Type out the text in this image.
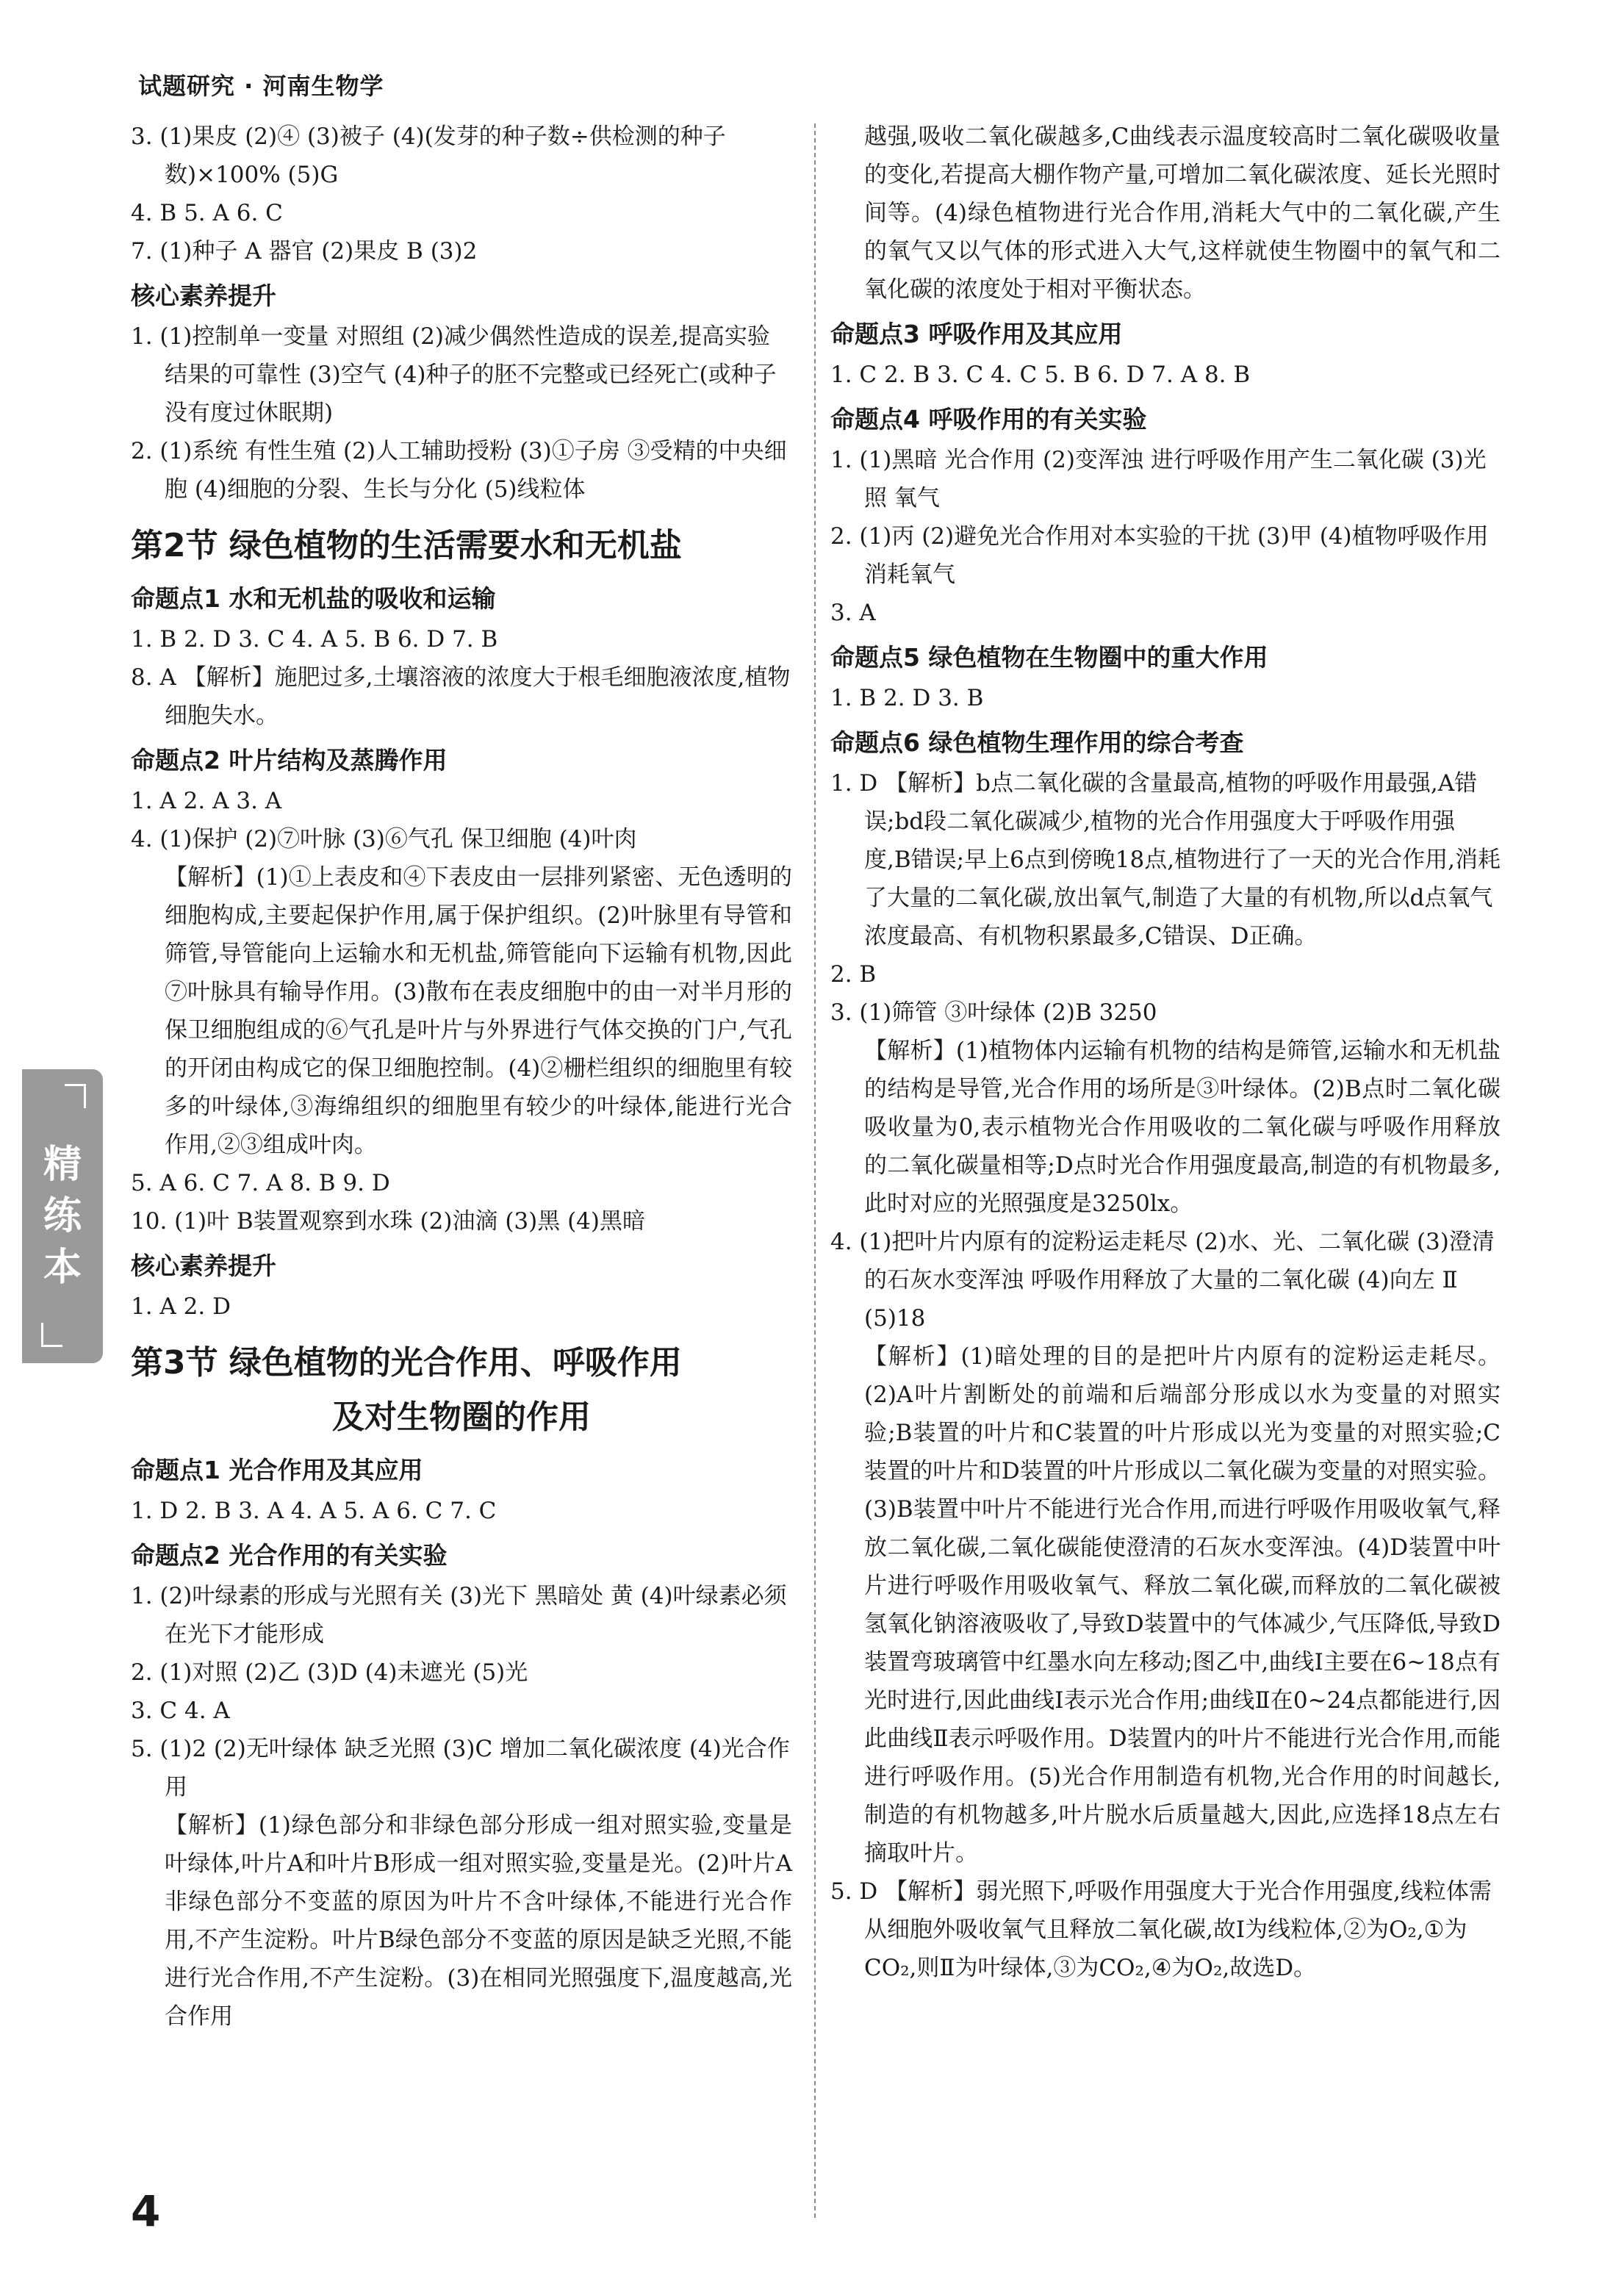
试题研究 · 河南生物学
精
练
本
3. (1)果皮 (2)④ (3)被子 (4)(发芽的种子数÷供检测的种子数)×100% (5)G
4. B 5. A 6. C
7. (1)种子 A 器官 (2)果皮 B (3)2
核心素养提升
1. (1)控制单一变量 对照组 (2)减少偶然性造成的误差,提高实验结果的可靠性 (3)空气 (4)种子的胚不完整或已经死亡(或种子没有度过休眠期)
2. (1)系统 有性生殖 (2)人工辅助授粉 (3)①子房 ③受精的中央细胞 (4)细胞的分裂、生长与分化 (5)线粒体
第2节 绿色植物的生活需要水和无机盐
命题点1 水和无机盐的吸收和运输
1. B 2. D 3. C 4. A 5. B 6. D 7. B
8. A 【解析】施肥过多,土壤溶液的浓度大于根毛细胞液浓度,植物细胞失水。
命题点2 叶片结构及蒸腾作用
1. A 2. A 3. A
4. (1)保护 (2)⑦叶脉 (3)⑥气孔 保卫细胞 (4)叶肉
【解析】(1)①上表皮和④下表皮由一层排列紧密、无色透明的细胞构成,主要起保护作用,属于保护组织。(2)叶脉里有导管和筛管,导管能向上运输水和无机盐,筛管能向下运输有机物,因此⑦叶脉具有输导作用。(3)散布在表皮细胞中的由一对半月形的保卫细胞组成的⑥气孔是叶片与外界进行气体交换的门户,气孔的开闭由构成它的保卫细胞控制。(4)②栅栏组织的细胞里有较多的叶绿体,③海绵组织的细胞里有较少的叶绿体,能进行光合作用,②③组成叶肉。
5. A 6. C 7. A 8. B 9. D
10. (1)叶 B装置观察到水珠 (2)油滴 (3)黑 (4)黑暗
核心素养提升
1. A 2. D
第3节 绿色植物的光合作用、呼吸作用
及对生物圈的作用
命题点1 光合作用及其应用
1. D 2. B 3. A 4. A 5. A 6. C 7. C
命题点2 光合作用的有关实验
1. (2)叶绿素的形成与光照有关 (3)光下 黑暗处 黄 (4)叶绿素必须在光下才能形成
2. (1)对照 (2)乙 (3)D (4)未遮光 (5)光
3. C 4. A
5. (1)2 (2)无叶绿体 缺乏光照 (3)C 增加二氧化碳浓度 (4)光合作用
【解析】(1)绿色部分和非绿色部分形成一组对照实验,变量是叶绿体,叶片A和叶片B形成一组对照实验,变量是光。(2)叶片A非绿色部分不变蓝的原因为叶片不含叶绿体,不能进行光合作用,不产生淀粉。叶片B绿色部分不变蓝的原因是缺乏光照,不能进行光合作用,不产生淀粉。(3)在相同光照强度下,温度越高,光合作用
越强,吸收二氧化碳越多,C曲线表示温度较高时二氧化碳吸收量的变化,若提高大棚作物产量,可增加二氧化碳浓度、延长光照时间等。(4)绿色植物进行光合作用,消耗大气中的二氧化碳,产生的氧气又以气体的形式进入大气,这样就使生物圈中的氧气和二氧化碳的浓度处于相对平衡状态。
命题点3 呼吸作用及其应用
1. C 2. B 3. C 4. C 5. B 6. D 7. A 8. B
命题点4 呼吸作用的有关实验
1. (1)黑暗 光合作用 (2)变浑浊 进行呼吸作用产生二氧化碳 (3)光照 氧气
2. (1)丙 (2)避免光合作用对本实验的干扰 (3)甲 (4)植物呼吸作用消耗氧气
3. A
命题点5 绿色植物在生物圈中的重大作用
1. B 2. D 3. B
命题点6 绿色植物生理作用的综合考查
1. D 【解析】b点二氧化碳的含量最高,植物的呼吸作用最强,A错误;bd段二氧化碳减少,植物的光合作用强度大于呼吸作用强度,B错误;早上6点到傍晚18点,植物进行了一天的光合作用,消耗了大量的二氧化碳,放出氧气,制造了大量的有机物,所以d点氧气浓度最高、有机物积累最多,C错误、D正确。
2. B
3. (1)筛管 ③叶绿体 (2)B 3250
【解析】(1)植物体内运输有机物的结构是筛管,运输水和无机盐的结构是导管,光合作用的场所是③叶绿体。(2)B点时二氧化碳吸收量为0,表示植物光合作用吸收的二氧化碳与呼吸作用释放的二氧化碳量相等;D点时光合作用强度最高,制造的有机物最多,此时对应的光照强度是3250lx。
4. (1)把叶片内原有的淀粉运走耗尽 (2)水、光、二氧化碳 (3)澄清的石灰水变浑浊 呼吸作用释放了大量的二氧化碳 (4)向左 Ⅱ (5)18
【解析】(1)暗处理的目的是把叶片内原有的淀粉运走耗尽。(2)A叶片割断处的前端和后端部分形成以水为变量的对照实验;B装置的叶片和C装置的叶片形成以光为变量的对照实验;C装置的叶片和D装置的叶片形成以二氧化碳为变量的对照实验。(3)B装置中叶片不能进行光合作用,而进行呼吸作用吸收氧气,释放二氧化碳,二氧化碳能使澄清的石灰水变浑浊。(4)D装置中叶片进行呼吸作用吸收氧气、释放二氧化碳,而释放的二氧化碳被氢氧化钠溶液吸收了,导致D装置中的气体减少,气压降低,导致D装置弯玻璃管中红墨水向左移动;图乙中,曲线Ⅰ主要在6~18点有光时进行,因此曲线Ⅰ表示光合作用;曲线Ⅱ在0~24点都能进行,因此曲线Ⅱ表示呼吸作用。D装置内的叶片不能进行光合作用,而能进行呼吸作用。(5)光合作用制造有机物,光合作用的时间越长,制造的有机物越多,叶片脱水后质量越大,因此,应选择18点左右摘取叶片。
5. D 【解析】弱光照下,呼吸作用强度大于光合作用强度,线粒体需从细胞外吸收氧气且释放二氧化碳,故Ⅰ为线粒体,②为O₂,①为CO₂,则Ⅱ为叶绿体,③为CO₂,④为O₂,故选D。
4
